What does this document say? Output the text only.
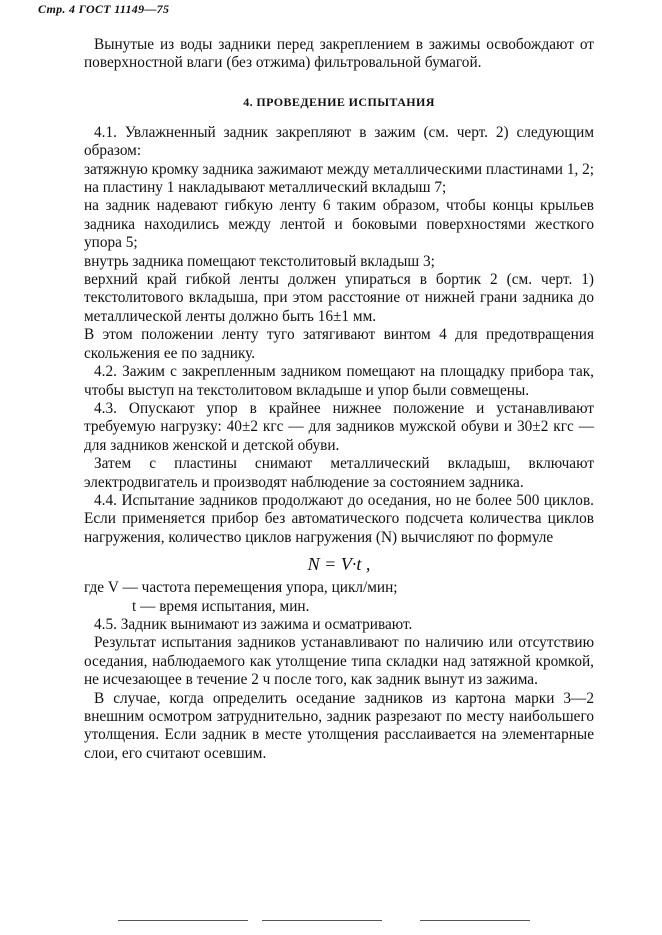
Стр. 4 ГОСТ 11149—75

Вынутые из воды задники перед закреплением в зажимы освобождают от поверхностной влаги (без отжима) фильтровальной бумагой.

4. ПРОВЕДЕНИЕ ИСПЫТАНИЯ

4.1. Увлажненный задник закрепляют в зажим (см. черт. 2) следующим образом:

затяжную кромку задника зажимают между металлическими пластинами 1, 2;

на пластину 1 накладывают металлический вкладыш 7;

на задник надевают гибкую ленту 6 таким образом, чтобы концы крыльев задника находились между лентой и боковыми поверхностями жесткого упора 5;

внутрь задника помещают текстолитовый вкладыш 3;

верхний край гибкой ленты должен упираться в бортик 2 (см. черт. 1) текстолитового вкладыша, при этом расстояние от нижней грани задника до металлической ленты должно быть 16±1 мм.

В этом положении ленту туго затягивают винтом 4 для предотвращения скольжения ее по заднику.

4.2. Зажим с закрепленным задником помещают на площадку прибора так, чтобы выступ на текстолитовом вкладыше и упор были совмещены.

4.3. Опускают упор в крайнее нижнее положение и устанавливают требуемую нагрузку: 40±2 кгс — для задников мужской обуви и 30±2 кгс — для задников женской и детской обуви.

Затем с пластины снимают металлический вкладыш, включают электродвигатель и производят наблюдение за состоянием задника.

4.4. Испытание задников продолжают до оседания, но не более 500 циклов. Если применяется прибор без автоматического подсчета количества циклов нагружения, количество циклов нагружения (N) вычисляют по формуле

N = V·t ,

где V — частота перемещения упора, цикл/мин;

t — время испытания, мин.

4.5. Задник вынимают из зажима и осматривают.

Результат испытания задников устанавливают по наличию или отсутствию оседания, наблюдаемого как утолщение типа складки над затяжной кромкой, не исчезающее в течение 2 ч после того, как задник вынут из зажима.

В случае, когда определить оседание задников из картона марки 3—2 внешним осмотром затруднительно, задник разрезают по месту наибольшего утолщения. Если задник в месте утолщения расслаивается на элементарные слои, его считают осевшим.
